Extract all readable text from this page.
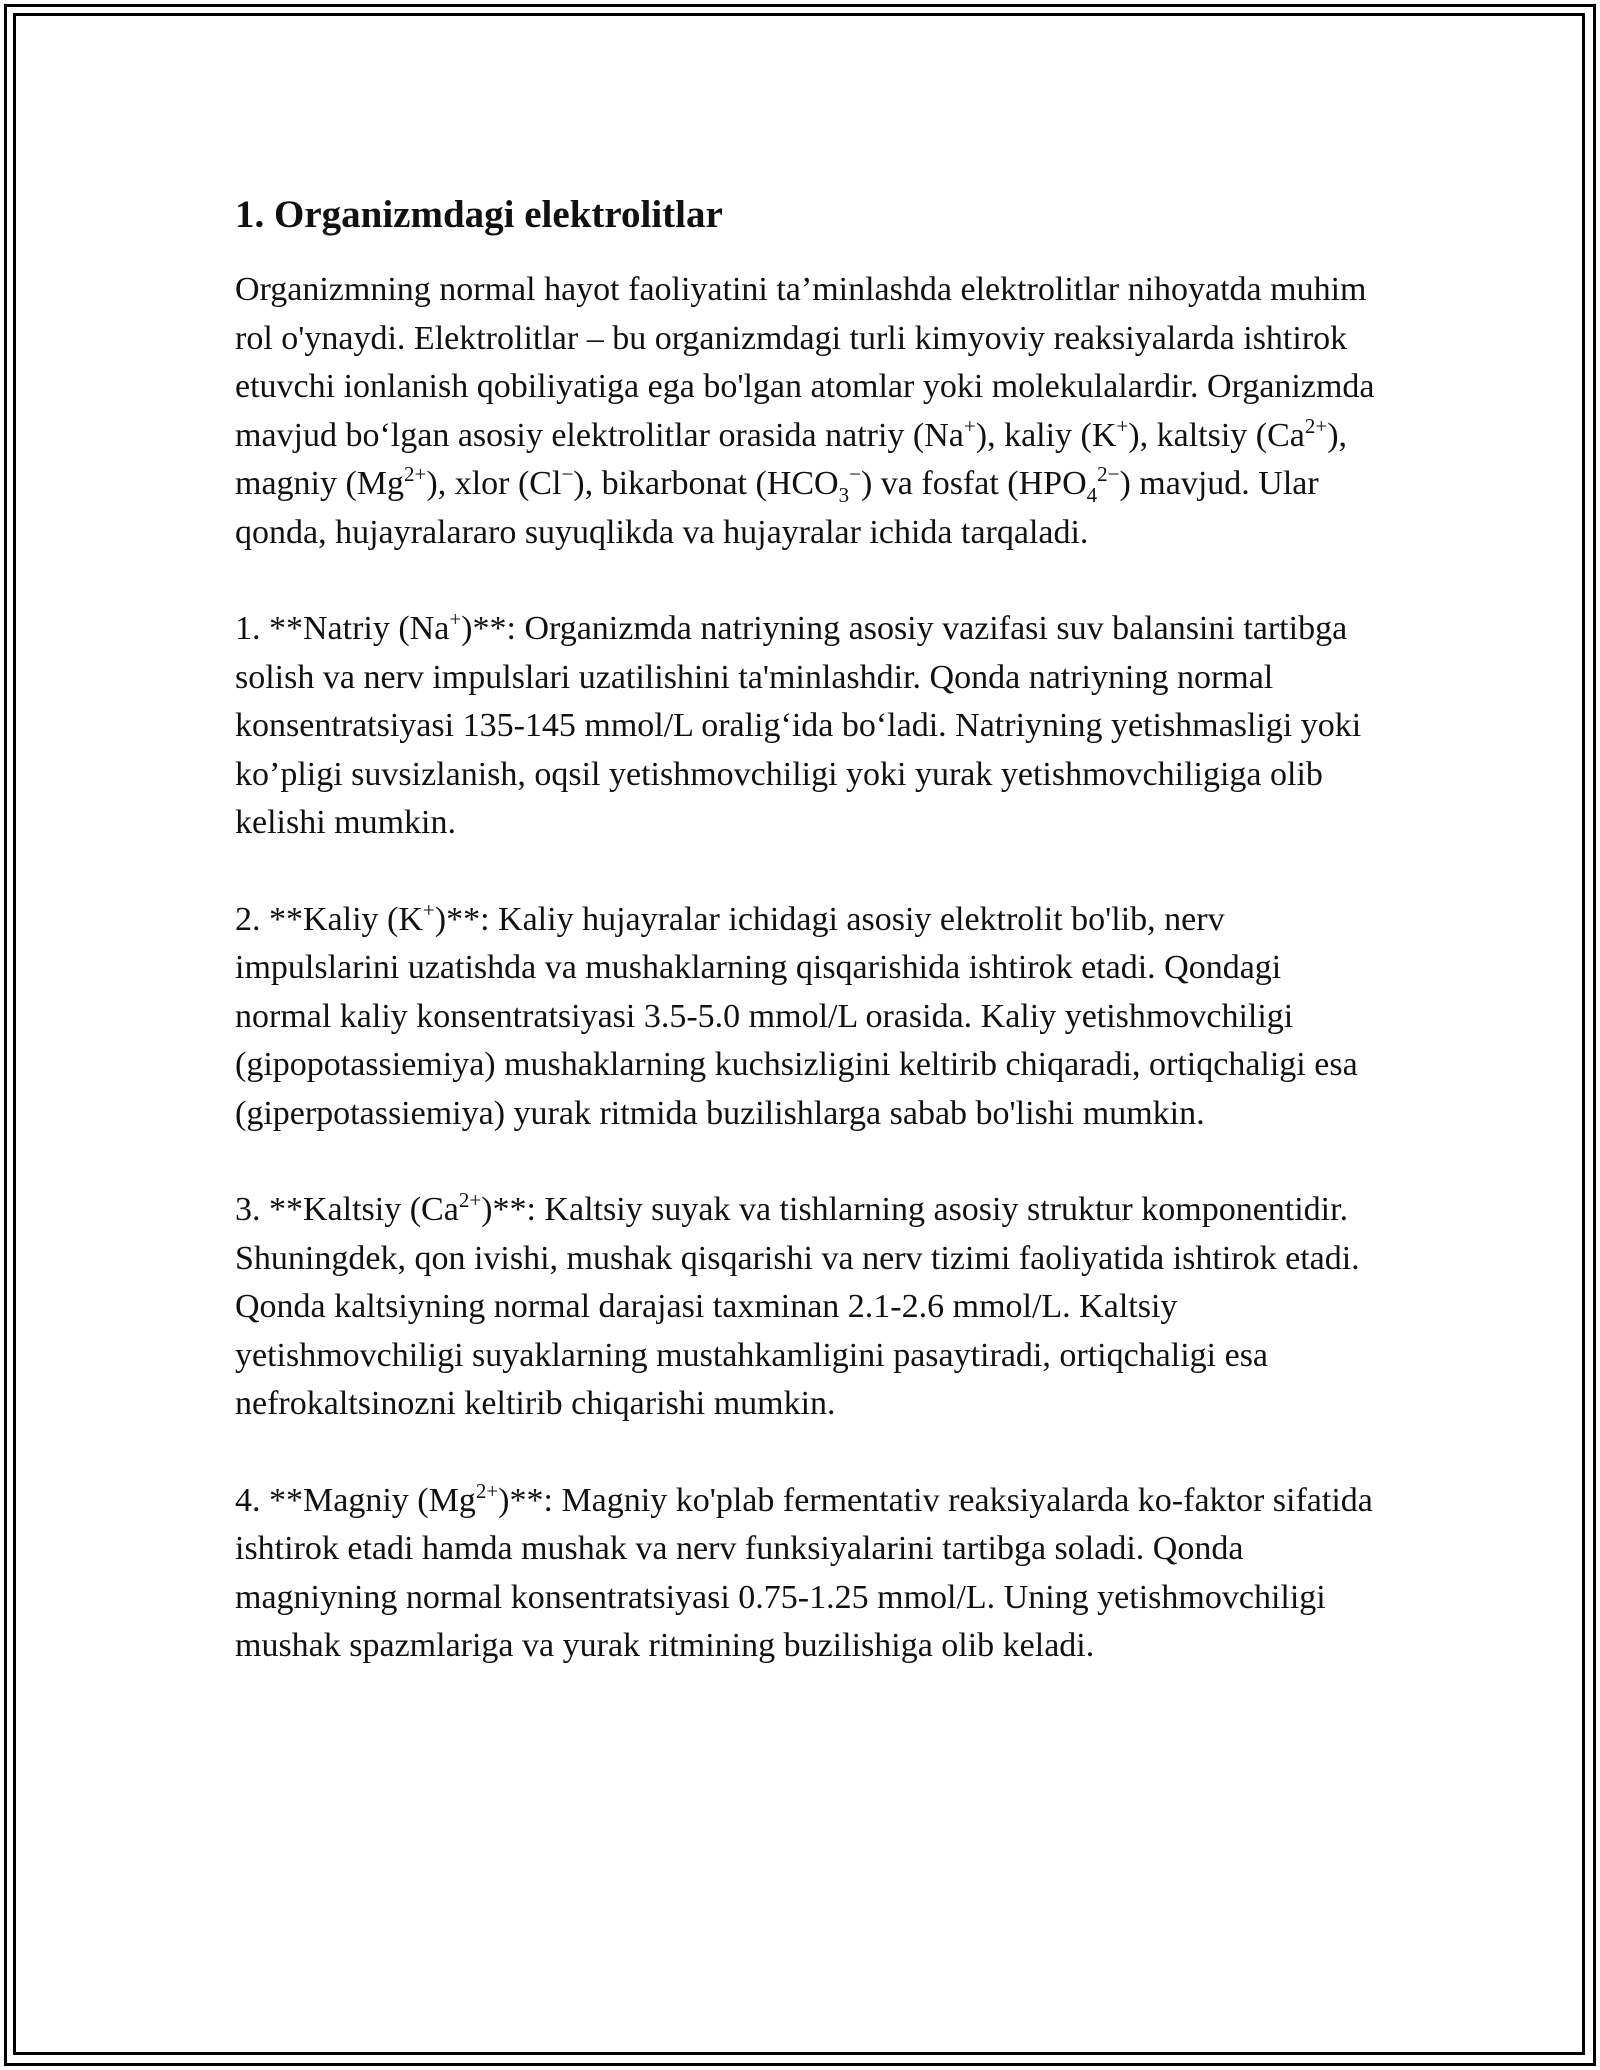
1. Organizmdagi elektrolitlar

Organizmning normal hayot faoliyatini ta’minlashda elektrolitlar nihoyatda muhim rol o'ynaydi. Elektrolitlar – bu organizmdagi turli kimyoviy reaksiyalarda ishtirok etuvchi ionlanish qobiliyatiga ega bo'lgan atomlar yoki molekulalardir. Organizmda mavjud bo‘lgan asosiy elektrolitlar orasida natriy (Na+), kaliy (K+), kaltsiy $(Ca^{2+})$, magniy $(Mg^{2+})$, xlor (Cl−), bikarbonat $(HCO_3^-)$ va fosfat $(HPO_4^{2-})$ mavjud. Ular qonda, hujayralararo suyuqlikda va hujayralar ichida tarqaladi.

1. **Natriy (Na+)**: Organizmda natriyning asosiy vazifasi suv balansini tartibga solish va nerv impulslari uzatilishini ta'minlashdir. Qonda natriyning normal konsentratsiyasi 135-145 mmol/L oralig‘ida bo‘ladi. Natriyning yetishmasligi yoki ko’pligi suvsizlanish, oqsil yetishmovchiligi yoki yurak yetishmovchiligiga olib kelishi mumkin.

2. **Kaliy (K+)**: Kaliy hujayralar ichidagi asosiy elektrolit bo'lib, nerv impulslarini uzatishda va mushaklarning qisqarishida ishtirok etadi. Qondagi normal kaliy konsentratsiyasi 3.5-5.0 mmol/L orasida. Kaliy yetishmovchiligi (gipopotassiemiya) mushaklarning kuchsizligini keltirib chiqaradi, ortiqchaligi esa (giperpotassiemiya) yurak ritmida buzilishlarga sabab bo'lishi mumkin.

3. **Kaltsiy $(Ca^{2+})**$: Kaltsiy suyak va tishlarning asosiy struktur komponentidir. Shuningdek, qon ivishi, mushak qisqarishi va nerv tizimi faoliyatida ishtirok etadi. Qonda kaltsiyning normal darajasi taxminan 2.1-2.6 mmol/L. Kaltsiy yetishmovchiligi suyaklarning mustahkamligini pasaytiradi, ortiqchaligi esa nefrokaltsinozni keltirib chiqarishi mumkin.

4. **Magniy $(Mg^{2+})**$: Magniy ko'plab fermentativ reaksiyalarda ko-faktor sifatida ishtirok etadi hamda mushak va nerv funksiyalarini tartibga soladi. Qonda magniyning normal konsentratsiyasi 0.75-1.25 mmol/L. Uning yetishmovchiligi mushak spazmlariga va yurak ritmining buzilishiga olib keladi.
